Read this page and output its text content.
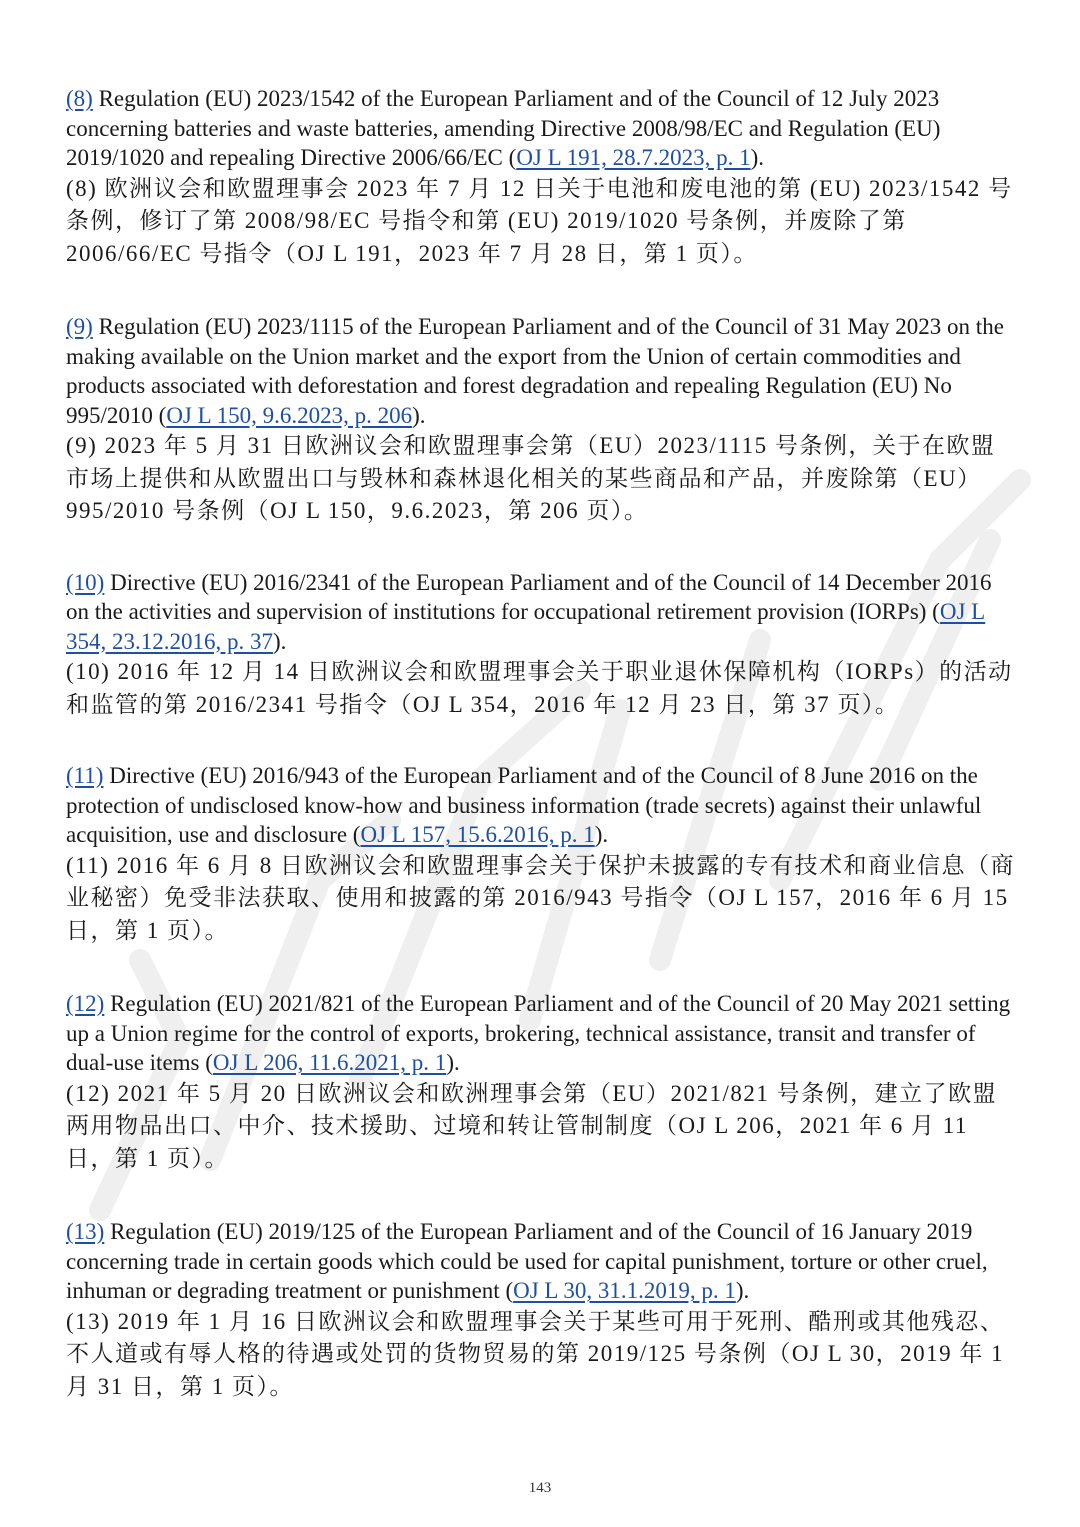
(8) Regulation (EU) 2023/1542 of the European Parliament and of the Council of 12 July 2023 concerning batteries and waste batteries, amending Directive 2008/98/EC and Regulation (EU) 2019/1020 and repealing Directive 2006/66/EC (OJ L 191, 28.7.2023, p. 1).

(8) 欧洲议会和欧盟理事会 2023 年 7 月 12 日关于电池和废电池的第 (EU) 2023/1542 号条例，修订了第 2008/98/EC 号指令和第 (EU) 2019/1020 号条例，并废除了第 2006/66/EC 号指令（OJ L 191，2023 年 7 月 28 日，第 1 页）。

(9) Regulation (EU) 2023/1115 of the European Parliament and of the Council of 31 May 2023 on the making available on the Union market and the export from the Union of certain commodities and products associated with deforestation and forest degradation and repealing Regulation (EU) No 995/2010 (OJ L 150, 9.6.2023, p. 206).

(9) 2023 年 5 月 31 日欧洲议会和欧盟理事会第（EU）2023/1115 号条例，关于在欧盟市场上提供和从欧盟出口与毁林和森林退化相关的某些商品和产品，并废除第（EU）995/2010 号条例（OJ L 150，9.6.2023，第 206 页）。

(10) Directive (EU) 2016/2341 of the European Parliament and of the Council of 14 December 2016 on the activities and supervision of institutions for occupational retirement provision (IORPs) (OJ L 354, 23.12.2016, p. 37).

(10) 2016 年 12 月 14 日欧洲议会和欧盟理事会关于职业退休保障机构（IORPs）的活动和监管的第 2016/2341 号指令（OJ L 354，2016 年 12 月 23 日，第 37 页）。

(11) Directive (EU) 2016/943 of the European Parliament and of the Council of 8 June 2016 on the protection of undisclosed know-how and business information (trade secrets) against their unlawful acquisition, use and disclosure (OJ L 157, 15.6.2016, p. 1).

(11) 2016 年 6 月 8 日欧洲议会和欧盟理事会关于保护未披露的专有技术和商业信息（商业秘密）免受非法获取、使用和披露的第 2016/943 号指令（OJ L 157，2016 年 6 月 15 日，第 1 页）。

(12) Regulation (EU) 2021/821 of the European Parliament and of the Council of 20 May 2021 setting up a Union regime for the control of exports, brokering, technical assistance, transit and transfer of dual-use items (OJ L 206, 11.6.2021, p. 1).

(12) 2021 年 5 月 20 日欧洲议会和欧洲理事会第（EU）2021/821 号条例，建立了欧盟两用物品出口、中介、技术援助、过境和转让管制制度（OJ L 206，2021 年 6 月 11 日，第 1 页）。

(13) Regulation (EU) 2019/125 of the European Parliament and of the Council of 16 January 2019 concerning trade in certain goods which could be used for capital punishment, torture or other cruel, inhuman or degrading treatment or punishment (OJ L 30, 31.1.2019, p. 1).

(13) 2019 年 1 月 16 日欧洲议会和欧盟理事会关于某些可用于死刑、酷刑或其他残忍、不人道或有辱人格的待遇或处罚的货物贸易的第 2019/125 号条例（OJ L 30，2019 年 1 月 31 日，第 1 页）。

143
